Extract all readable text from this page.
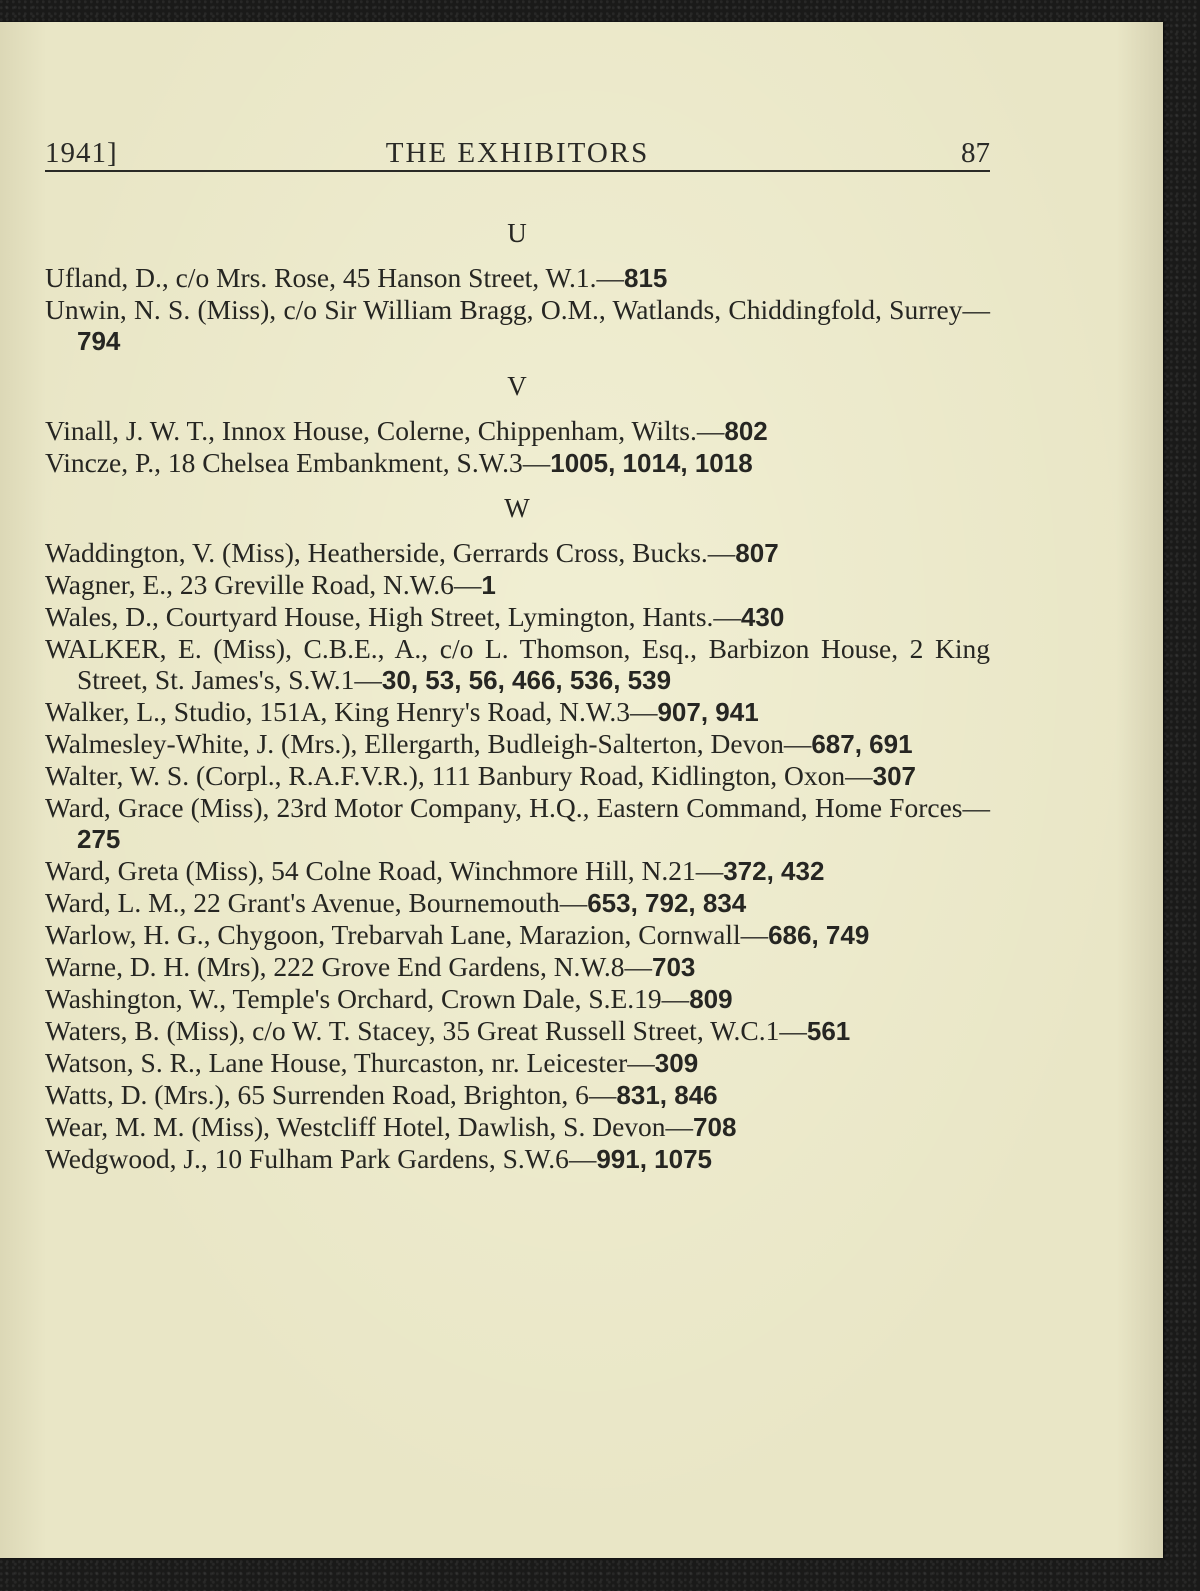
1941]	THE EXHIBITORS	87
U

Ufland, D., c/o Mrs. Rose, 45 Hanson Street, W.1.—815

Unwin, N. S. (Miss), c/o Sir William Bragg, O.M., Watlands, Chiddingfold, Surrey—794

V

Vinall, J. W. T., Innox House, Colerne, Chippenham, Wilts.—802

Vincze, P., 18 Chelsea Embankment, S.W.3—1005, 1014, 1018

W

Waddington, V. (Miss), Heatherside, Gerrards Cross, Bucks.—807

Wagner, E., 23 Greville Road, N.W.6—1

Wales, D., Courtyard House, High Street, Lymington, Hants.—430

WALKER, E. (Miss), C.B.E., A., c/o L. Thomson, Esq., Barbizon House, 2 King Street, St. James's, S.W.1—30, 53, 56, 466, 536, 539

Walker, L., Studio, 151A, King Henry's Road, N.W.3—907, 941

Walmesley-White, J. (Mrs.), Ellergarth, Budleigh-Salterton, Devon—687, 691

Walter, W. S. (Corpl., R.A.F.V.R.), 111 Banbury Road, Kidlington, Oxon—307

Ward, Grace (Miss), 23rd Motor Company, H.Q., Eastern Command, Home Forces—275

Ward, Greta (Miss), 54 Colne Road, Winchmore Hill, N.21—372, 432

Ward, L. M., 22 Grant's Avenue, Bournemouth—653, 792, 834

Warlow, H. G., Chygoon, Trebarvah Lane, Marazion, Cornwall—686, 749

Warne, D. H. (Mrs), 222 Grove End Gardens, N.W.8—703

Washington, W., Temple's Orchard, Crown Dale, S.E.19—809

Waters, B. (Miss), c/o W. T. Stacey, 35 Great Russell Street, W.C.1—561

Watson, S. R., Lane House, Thurcaston, nr. Leicester—309

Watts, D. (Mrs.), 65 Surrenden Road, Brighton, 6—831, 846

Wear, M. M. (Miss), Westcliff Hotel, Dawlish, S. Devon—708

Wedgwood, J., 10 Fulham Park Gardens, S.W.6—991, 1075
